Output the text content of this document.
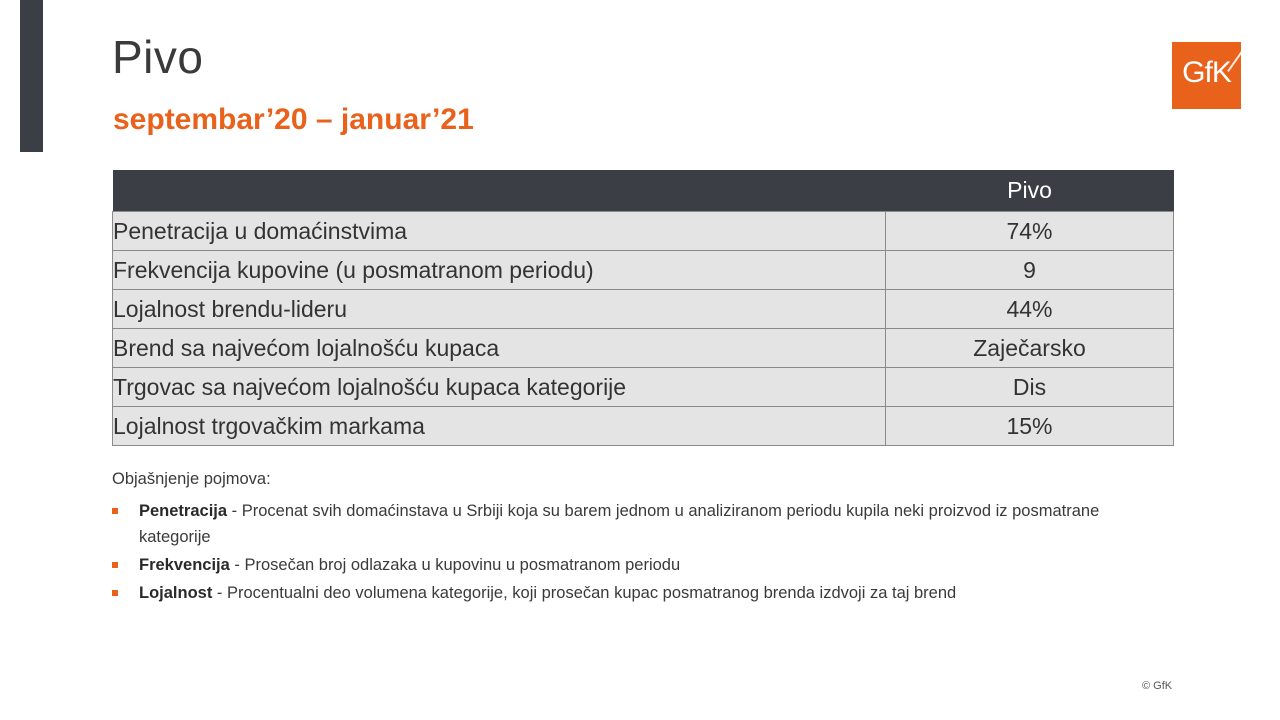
Pivo
septembar’20 – januar’21
GfK
	Pivo
Penetracija u domaćinstvima	74%
Frekvencija kupovine (u posmatranom periodu)	9
Lojalnost brendu-lideru	44%
Brend sa najvećom lojalnošću kupaca	Zaječarsko
Trgovac sa najvećom lojalnošću kupaca kategorije	Dis
Lojalnost trgovačkim markama	15%

Objašnjenje pojmova:

Penetracija - Procenat svih domaćinstava u Srbiji koja su barem jednom u analiziranom periodu kupila neki proizvod iz posmatrane kategorije
Frekvencija - Prosečan broj odlazaka u kupovinu u posmatranom periodu
Lojalnost - Procentualni deo volumena kategorije, koji prosečan kupac posmatranog brenda izdvoji za taj brend
© GfK
